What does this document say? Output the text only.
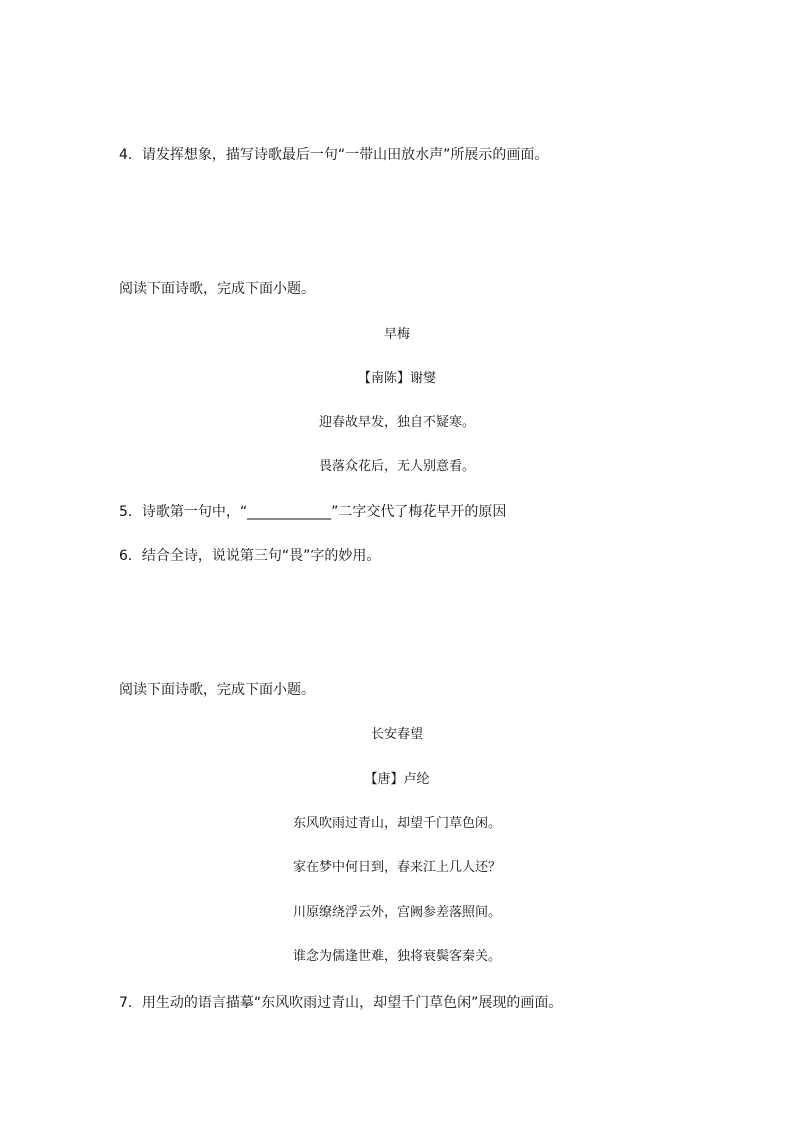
4．请发挥想象，描写诗歌最后一句“一带山田放水声”所展示的画面。
阅读下面诗歌，完成下面小题。
早梅
【南陈】谢燮
迎春故早发，独自不疑寒。
畏落众花后，无人别意看。
5．诗歌第一句中，“____________”二字交代了梅花早开的原因
6．结合全诗，说说第三句“畏”字的妙用。
阅读下面诗歌，完成下面小题。
长安春望
【唐】卢纶
东风吹雨过青山，却望千门草色闲。
家在梦中何日到，春来江上几人还？
川原缭绕浮云外，宫阙参差落照间。
谁念为儒逢世难，独将衰鬓客秦关。
7．用生动的语言描摹“东风吹雨过青山，却望千门草色闲”展现的画面。
